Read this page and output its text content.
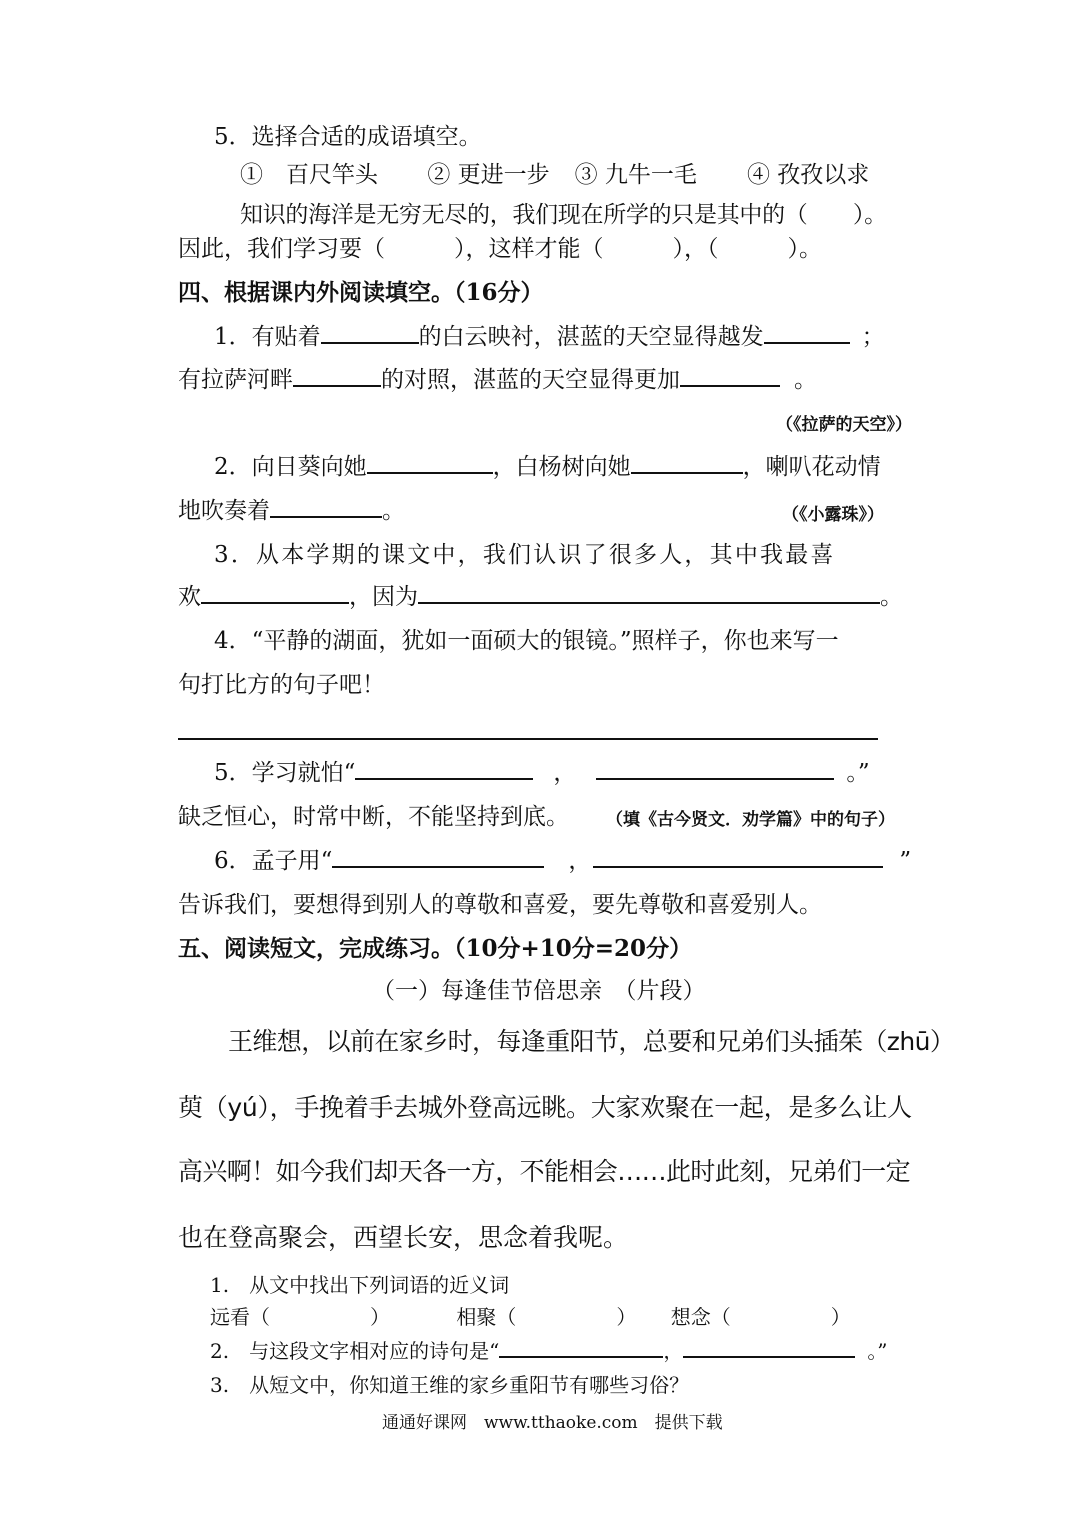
5．选择合适的成语填空。
①　百尺竿头 ② 更进一步 ③ 九牛一毛 ④ 孜孜以求
知识的海洋是无穷无尽的，我们现在所学的只是其中的（　　）。
因此，我们学习要（　　　），这样才能（　　　），（　　　）。
四、根据课内外阅读填空。（16分）
1．有贴着	的白云映衬，湛蓝的天空显得越发	；
有拉萨河畔	的对照，湛蓝的天空显得更加	。
（《拉萨的天空》）
2．向日葵向她	，白杨树向她	，喇叭花动情
地吹奏着	。	（《小露珠》）
3．从本学期的课文中，我们认识了很多人，其中我最喜
欢	，因为	。
4．“平静的湖面，犹如一面硕大的银镜。”照样子，你也来写一
句打比方的句子吧！
5．学习就怕“	，	。”
缺乏恒心，时常中断，不能坚持到底。 （填《古今贤文．劝学篇》中的句子）
6．孟子用“	，	”
告诉我们，要想得到别人的尊敬和喜爱，要先尊敬和喜爱别人。
五、阅读短文，完成练习。（10分+10分=20分）
（一）每逢佳节倍思亲　（片段）
王维想，以前在家乡时，每逢重阳节，总要和兄弟们头插茱（zhū）
萸（yú），手挽着手去城外登高远眺。大家欢聚在一起，是多么让人
高兴啊！如今我们却天各一方，不能相会……此时此刻，兄弟们一定
也在登高聚会，西望长安，思念着我呢。
1.　从文中找出下列词语的近义词
远看（　　　　　）	相聚（　　　　　） 想念（　　　　　）
2.　与这段文字相对应的诗句是“	，	。”
3.　从短文中，你知道王维的家乡重阳节有哪些习俗？
通通好课网　www.tthaoke.com　提供下载
